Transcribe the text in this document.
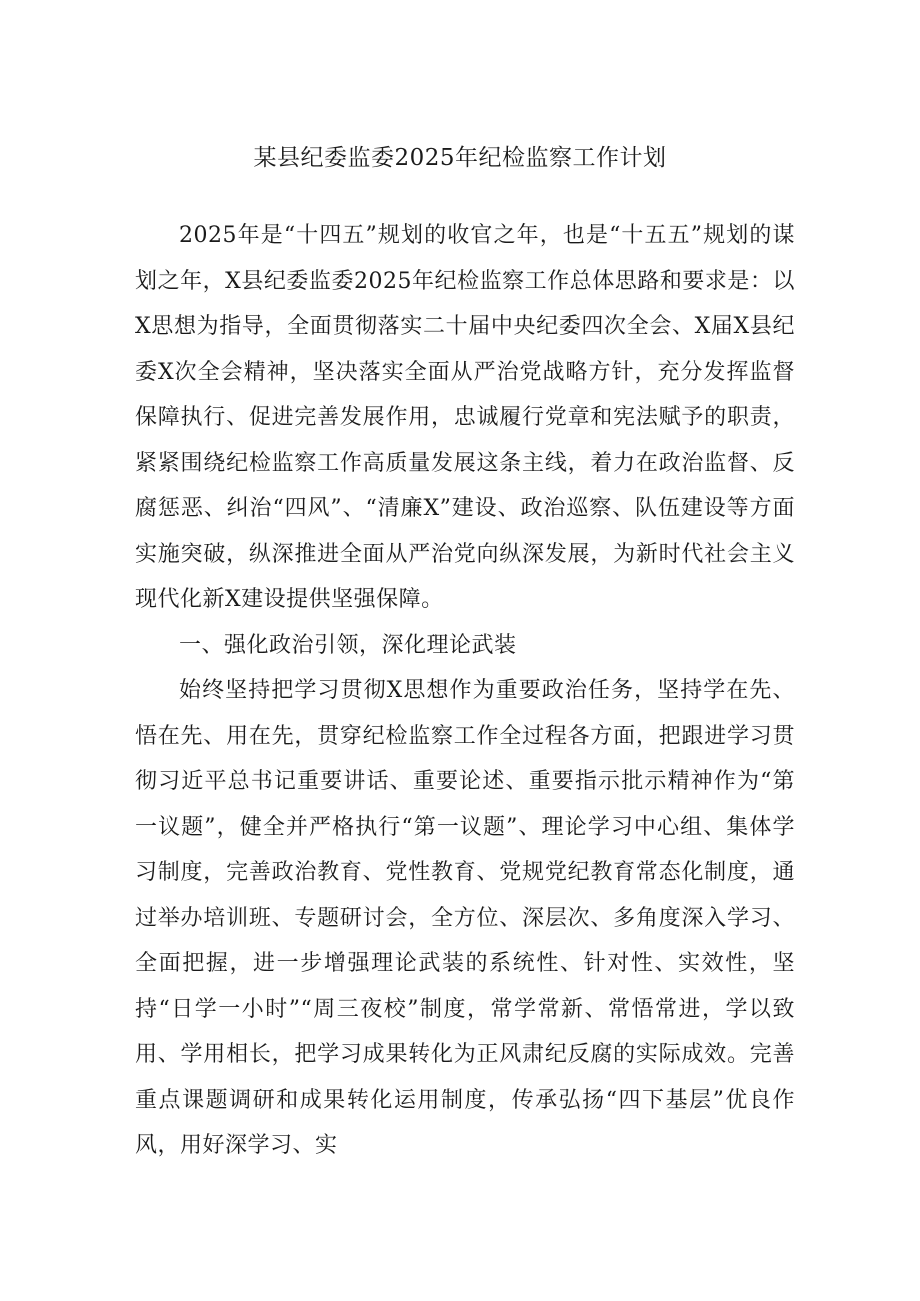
某县纪委监委2025年纪检监察工作计划

2025年是“十四五”规划的收官之年，也是“十五五”规划的谋划之年，X县纪委监委2025年纪检监察工作总体思路和要求是：以X思想为指导，全面贯彻落实二十届中央纪委四次全会、X届X县纪委X次全会精神，坚决落实全面从严治党战略方针，充分发挥监督保障执行、促进完善发展作用，忠诚履行党章和宪法赋予的职责，紧紧围绕纪检监察工作高质量发展这条主线，着力在政治监督、反腐惩恶、纠治“四风”、“清廉X”建设、政治巡察、队伍建设等方面实施突破，纵深推进全面从严治党向纵深发展，为新时代社会主义现代化新X建设提供坚强保障。

一、强化政治引领，深化理论武装

始终坚持把学习贯彻X思想作为重要政治任务，坚持学在先、悟在先、用在先，贯穿纪检监察工作全过程各方面，把跟进学习贯彻习近平总书记重要讲话、重要论述、重要指示批示精神作为“第一议题”，健全并严格执行“第一议题”、理论学习中心组、集体学习制度，完善政治教育、党性教育、党规党纪教育常态化制度，通过举办培训班、专题研讨会，全方位、深层次、多角度深入学习、全面把握，进一步增强理论武装的系统性、针对性、实效性，坚持“日学一小时”“周三夜校”制度，常学常新、常悟常进，学以致用、学用相长，把学习成果转化为正风肃纪反腐的实际成效。完善重点课题调研和成果转化运用制度，传承弘扬“四下基层”优良作风，用好深学习、实
